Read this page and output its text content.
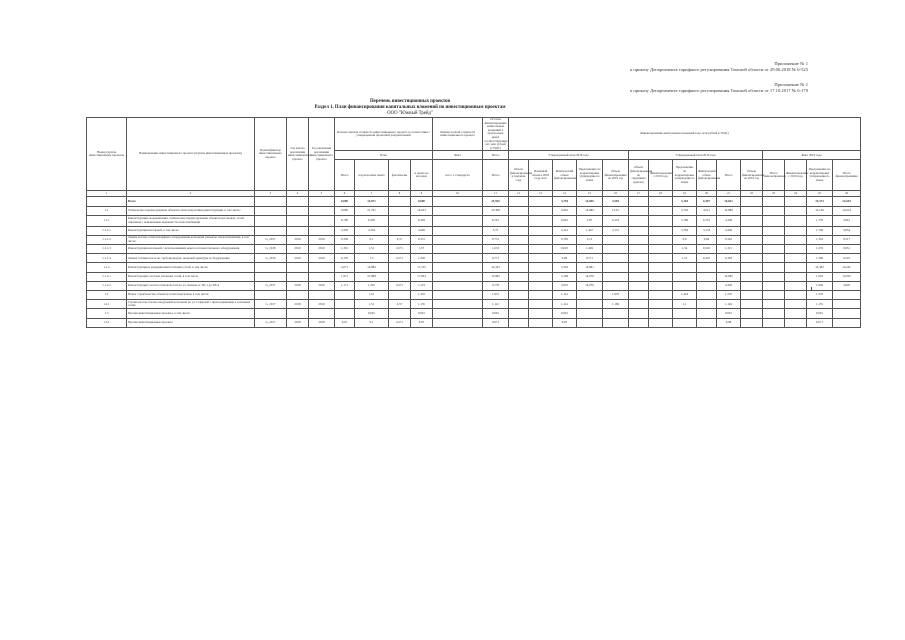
Приложение № 1
к приказу Департамента тарифного регулирования Томской области от 29.06.2018 № 6-525
Приложение № 1
к приказу Департамента тарифного регулирования Томской области от 17.10.2017 № 6-170
Перечень инвестиционных проектов
Раздел 1. План финансирования капитальных вложений по инвестиционным проектам
ООО "Южный Трейд"
Номер группы инвестиционных проектов	Наименование инвестиционного проекта (группы инвестиционных проектов)	Идентификатор инвестиционного проекта	Год начала реализации инвестиционного проекта	Год окончания реализации инвестиционного проекта	Полная сметная стоимость инвестиционного проекта в соответствии с утвержденной проектной документацией				Оценка полной стоимости инвестиционного проекта	Остаток финансирования капитальных вложений в прогнозных ценах соответствующих лет, млн рублей (с НДС)	Финансирование капитальных вложений года, млн рублей (с НДС)														
					План				Факт	Итого	Утвержденный план 2018 года					Утвержденный план 2019 года						Факт 2019 года			
					Итого	в прогнозных ценах	фактически	в ценах на которых	все о ч стандартах	Итого	Объем финансирования в текущем году	Плановый объем в 2018 году, млн	Фактический объем финансирования	Предложение по корректировке утвержденного плана	Объем финансирования на 2019 год	Объем финансирования по сведениям (ценам)	Финансирование с 2019 года	Предложение по корректировке утвержденного плана	Фактический объем финансирования	Итого	Объем финансирования на 2019 год	Итого финансирование	Финансирование с 2019 года	Предложение по корректировке утвержденного плана	Итого финансирования
1	2	3	4	5	6	7	8	9	10	11	12	13	14	15	16	17	18	19	20	21	22	23	24	25	26
	Всего				0,000	14,871		0,000		24,926			3,794	14,696	4,565			3,104	0,497	16,661				19,373	22,654
1.1	Техническое перевооружение объектов теплоэнергетики реконструкция, в том числе:				0,000	21,791		14,633		23,398			4,991	14,689	13,91			3,744	4,211	14,889				14,136	14,614
1.1.1	Реконструкция, модернизация, техническое перевооружение объектов котельных, сетей связанная с повышением надёжности теплоснабжения				6,709	6,305		6,329		6,791			6,991	3,87	6,133			5,766	6,701	4,339				1,778	3,961
1.1.1.1	Реконструкция котельной, в том числе				4,359	4,354		4,426		3,75			4,141	1,447	3,151			3,764	3,153	4,436				1,709	3,054
1.1.1.2	Замена котлов, теплоотводящего оборудования котельной (объекты теплоснабжения), в том числе:	G_2017	2019	2019	0,339	0,1	4,57	0,331		0,751			0,785	2,13				0,6	0,84	0,342				1,319	0,517
1.1.1.3	Реконструкция котельной с использованием нового вспомогательного оборудования	G_2018	2019	2019	1,301	1,51	4,571	1,57		1,633			0,025	1,449				1,34	0,545	1,315				1,235	0,951
1.1.1.4	Замена сетевых насосов, трубопроводов, запорной арматуры и оборудования	G_2019	2019	2019	0,179	1,3	4,571	1,226		0,771			0,09	0,711				1,31	0,343	0,393				1,306	0,525
1.1.2	Реконструкция и модернизация тепловых сетей, в том числе:				2,071	14,884		17,135		14,343			3,303	14,861										14,382	14,261
1.1.2.1	Реконструкция участков тепловых сетей, в том числе				1,971	21,868		17,844		13,982			3,109	14,076						14,685				1,918	14,025
1.1.2.2	Реконструкция участка тепловой сети по ул. Ленина от ТК-1 до ТК-4	G_2017	2018	2019	1,171	1,201	4,571	1,119		0,778			3,001	14,079						4,326				1,936	3,020
1.2	Новое строительство объектов теплоэнергетики, в том числе:					1,91		1,255		1,931			1,141		1,979			1,444		1,555				1,579	
1.2.1	Строительство блочно-модульной котельной по ул. Северной с присоединением к тепловым сетям	G_2017	2018	2019		1,51	4,57	1,135		1,141			1,141		1,169			1,1		1,144				1,155	
1.3	Прочие инвестиционные проекты, в том числе:					0,091		0,091		0,091			0,091							0,091				0,091	
1.3.1	Прочие инвестиционные проекты	G_2017	2018	2018	0,01	0,1	4,571	0,05		0,071			0,05							0,08				0,071	
